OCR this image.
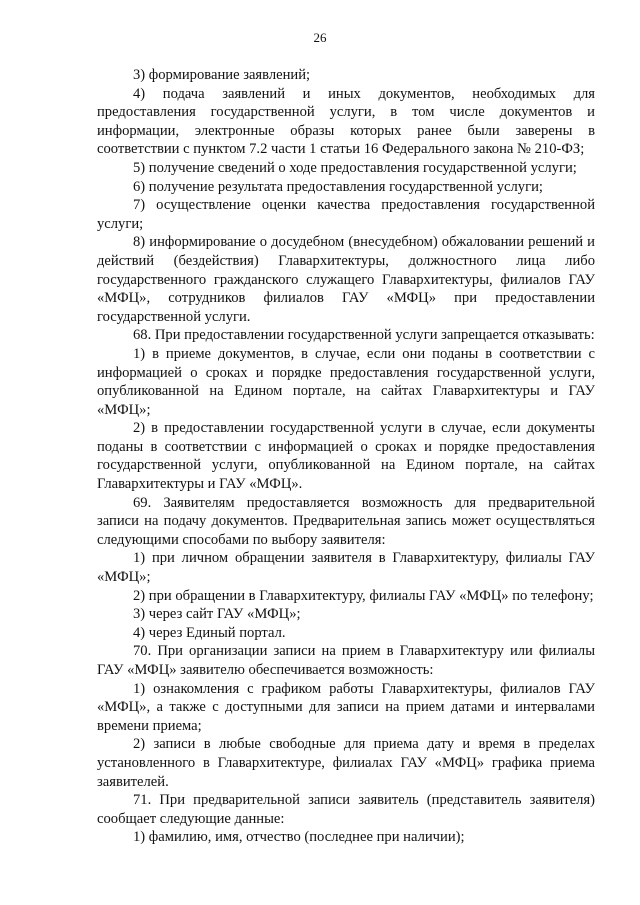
26

3) формирование заявлений;

4) подача заявлений и иных документов, необходимых для предоставления государственной услуги, в том числе документов и информации, электронные образы которых ранее были заверены в соответствии с пунктом 7.2 части 1 статьи 16 Федерального закона № 210-ФЗ;

5) получение сведений о ходе предоставления государственной услуги;

6) получение результата предоставления государственной услуги;

7) осуществление оценки качества предоставления государственной услуги;

8) информирование о досудебном (внесудебном) обжаловании решений и действий (бездействия) Главархитектуры, должностного лица либо государственного гражданского служащего Главархитектуры, филиалов ГАУ «МФЦ», сотрудников филиалов ГАУ «МФЦ» при предоставлении государственной услуги.

68. При предоставлении государственной услуги запрещается отказывать:

1) в приеме документов, в случае, если они поданы в соответствии с информацией о сроках и порядке предоставления государственной услуги, опубликованной на Едином портале, на сайтах Главархитектуры и ГАУ «МФЦ»;

2) в предоставлении государственной услуги в случае, если документы поданы в соответствии с информацией о сроках и порядке предоставления государственной услуги, опубликованной на Едином портале, на сайтах Главархитектуры и ГАУ «МФЦ».

69. Заявителям предоставляется возможность для предварительной записи на подачу документов. Предварительная запись может осуществляться следующими способами по выбору заявителя:

1) при личном обращении заявителя в Главархитектуру, филиалы ГАУ «МФЦ»;

2) при обращении в Главархитектуру, филиалы ГАУ «МФЦ» по телефону;

3) через сайт ГАУ «МФЦ»;

4) через Единый портал.

70. При организации записи на прием в Главархитектуру или филиалы ГАУ «МФЦ» заявителю обеспечивается возможность:

1) ознакомления с графиком работы Главархитектуры, филиалов ГАУ «МФЦ», а также с доступными для записи на прием датами и интервалами времени приема;

2) записи в любые свободные для приема дату и время в пределах установленного в Главархитектуре, филиалах ГАУ «МФЦ» графика приема заявителей.

71. При предварительной записи заявитель (представитель заявителя) сообщает следующие данные:

1) фамилию, имя, отчество (последнее при наличии);
